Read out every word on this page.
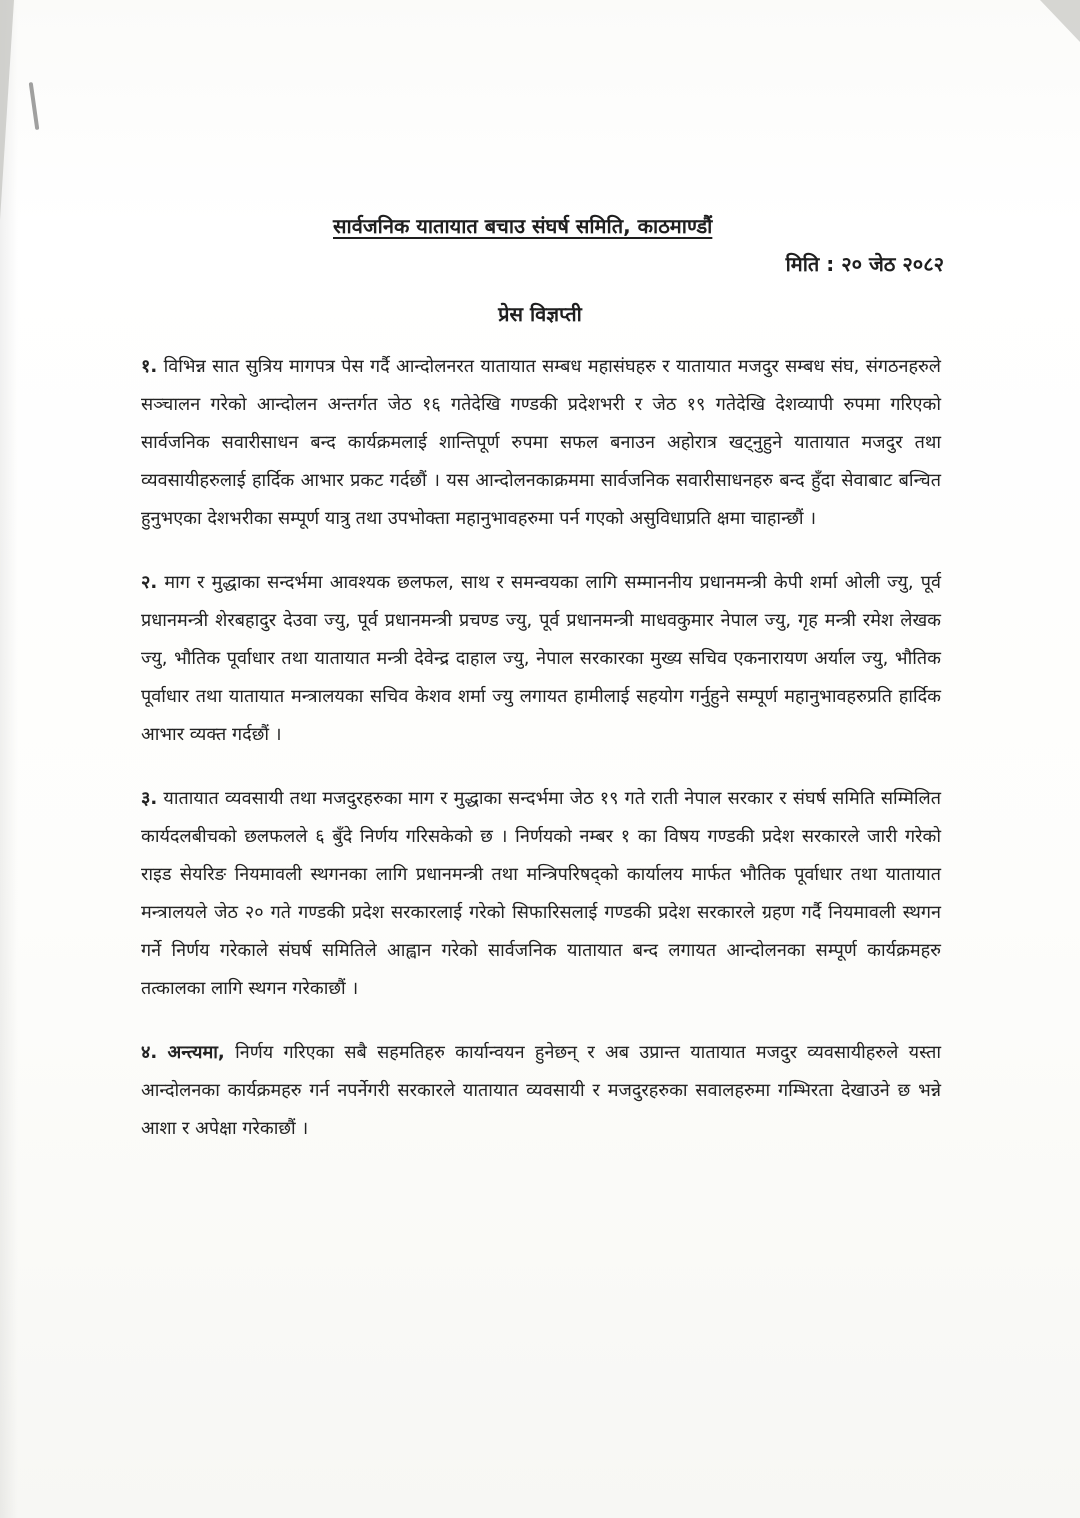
सार्वजनिक यातायात बचाउ संघर्ष समिति, काठमाण्डौं
मिति : २० जेठ २०८२
प्रेस विज्ञप्ती

१. विभिन्न सात सुत्रिय मागपत्र पेस गर्दै आन्दोलनरत यातायात सम्बध महासंघहरु र यातायात मजदुर सम्बध संघ, संगठनहरुले सञ्चालन गरेको आन्दोलन अन्तर्गत जेठ १६ गतेदेखि गण्डकी प्रदेशभरी र जेठ १९ गतेदेखि देशव्यापी रुपमा गरिएको सार्वजनिक सवारीसाधन बन्द कार्यक्रमलाई शान्तिपूर्ण रुपमा सफल बनाउन अहोरात्र खट्नुहुने यातायात मजदुर तथा व्यवसायीहरुलाई हार्दिक आभार प्रकट गर्दछौं । यस आन्दोलनकाक्रममा सार्वजनिक सवारीसाधनहरु बन्द हुँदा सेवाबाट बन्चित हुनुभएका देशभरीका सम्पूर्ण यात्रु तथा उपभोक्ता महानुभावहरुमा पर्न गएको असुविधाप्रति क्षमा चाहान्छौं ।

२. माग र मुद्धाका सन्दर्भमा आवश्यक छलफल, साथ र समन्वयका लागि सम्माननीय प्रधानमन्त्री केपी शर्मा ओली ज्यु, पूर्व प्रधानमन्त्री शेरबहादुर देउवा ज्यु, पूर्व प्रधानमन्त्री प्रचण्ड ज्यु, पूर्व प्रधानमन्त्री माधवकुमार नेपाल ज्यु, गृह मन्त्री रमेश लेखक ज्यु, भौतिक पूर्वाधार तथा यातायात मन्त्री देवेन्द्र दाहाल ज्यु, नेपाल सरकारका मुख्य सचिव एकनारायण अर्याल ज्यु, भौतिक पूर्वाधार तथा यातायात मन्त्रालयका सचिव केशव शर्मा ज्यु लगायत हामीलाई सहयोग गर्नुहुने सम्पूर्ण महानुभावहरुप्रति हार्दिक आभार व्यक्त गर्दछौं ।

३. यातायात व्यवसायी तथा मजदुरहरुका माग र मुद्धाका सन्दर्भमा जेठ १९ गते राती नेपाल सरकार र संघर्ष समिति सम्मिलित कार्यदलबीचको छलफलले ६ बुँदे निर्णय गरिसकेको छ । निर्णयको नम्बर १ का विषय गण्डकी प्रदेश सरकारले जारी गरेको राइड सेयरिङ नियमावली स्थगनका लागि प्रधानमन्त्री तथा मन्त्रिपरिषद्को कार्यालय मार्फत भौतिक पूर्वाधार तथा यातायात मन्त्रालयले जेठ २० गते गण्डकी प्रदेश सरकारलाई गरेको सिफारिसलाई गण्डकी प्रदेश सरकारले ग्रहण गर्दै नियमावली स्थगन गर्ने निर्णय गरेकाले संघर्ष समितिले आह्वान गरेको सार्वजनिक यातायात बन्द लगायत आन्दोलनका सम्पूर्ण कार्यक्रमहरु तत्कालका लागि स्थगन गरेकाछौं ।

४. अन्त्यमा, निर्णय गरिएका सबै सहमतिहरु कार्यान्वयन हुनेछन् र अब उप्रान्त यातायात मजदुर व्यवसायीहरुले यस्ता आन्दोलनका कार्यक्रमहरु गर्न नपर्नेगरी सरकारले यातायात व्यवसायी र मजदुरहरुका सवालहरुमा गम्भिरता देखाउने छ भन्ने आशा र अपेक्षा गरेकाछौं ।
